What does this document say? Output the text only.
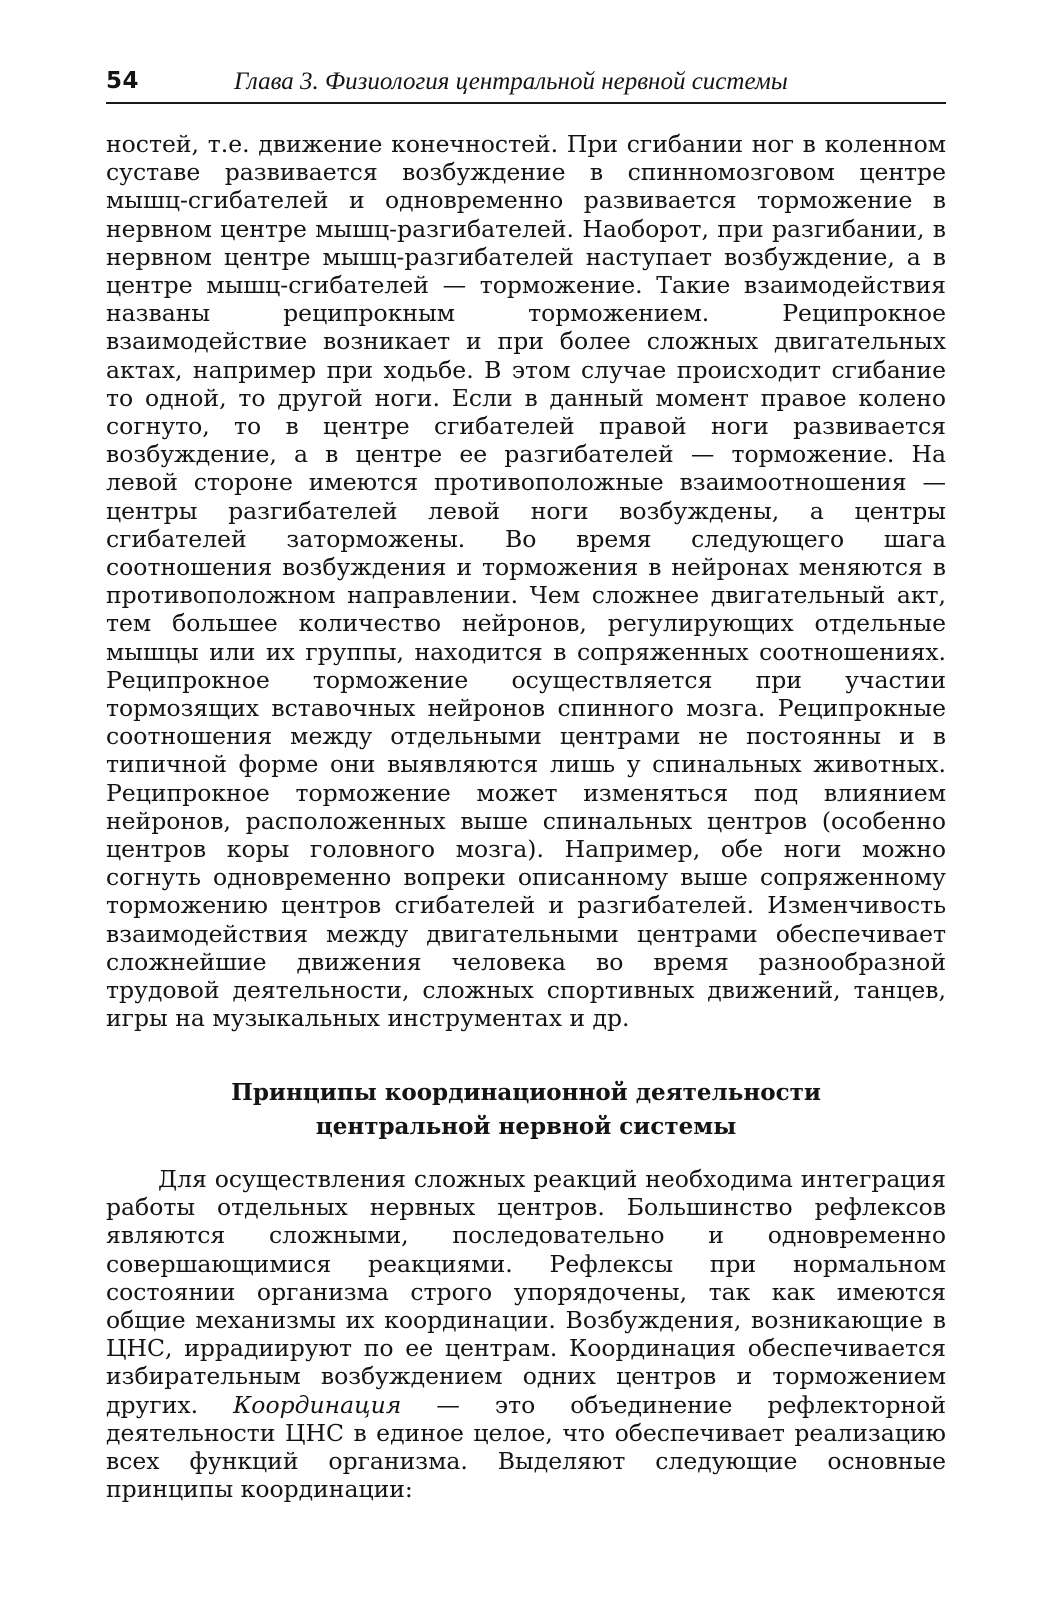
54	Глава 3. Физиология центральной нервной системы

ностей, т.е. движение конечностей. При сгибании ног в коленном суставе развивается возбуждение в спинномозговом центре мышц-сгибателей и одновременно развивается торможение в нервном центре мышц-разгибателей. Наоборот, при разгибании, в нервном центре мышц-разгибателей наступает возбуждение, а в центре мышц-сгибателей — торможение. Такие взаимодействия названы реципрокным торможением. Реципрокное взаимодействие возникает и при более сложных двигательных актах, например при ходьбе. В этом случае происходит сгибание то одной, то другой ноги. Если в данный момент правое колено согнуто, то в центре сгибателей правой ноги развивается возбуждение, а в центре ее разгибателей — торможение. На левой стороне имеются противоположные взаимоотношения — центры разгибателей левой ноги возбуждены, а центры сгибателей заторможены. Во время следующего шага соотношения возбуждения и торможения в нейронах меняются в противоположном направлении. Чем сложнее двигательный акт, тем большее количество нейронов, регулирующих отдельные мышцы или их группы, находится в сопряженных соотношениях. Реципрокное торможение осуществляется при участии тормозящих вставочных нейронов спинного мозга. Реципрокные соотношения между отдельными центрами не постоянны и в типичной форме они выявляются лишь у спинальных животных. Реципрокное торможение может изменяться под влиянием нейронов, расположенных выше спинальных центров (особенно центров коры головного мозга). Например, обе ноги можно согнуть одновременно вопреки описанному выше сопряженному торможению центров сгибателей и разгибателей. Изменчивость взаимодействия между двигательными центрами обеспечивает сложнейшие движения человека во время разнообразной трудовой деятельности, сложных спортивных движений, танцев, игры на музыкальных инструментах и др.

Принципы координационной деятельности
центральной нервной системы

Для осуществления сложных реакций необходима интеграция работы отдельных нервных центров. Большинство рефлексов являются сложными, последовательно и одновременно совершающимися реакциями. Рефлексы при нормальном состоянии организма строго упорядочены, так как имеются общие механизмы их координации. Возбуждения, возникающие в ЦНС, иррадиируют по ее центрам. Координация обеспечивается избирательным возбуждением одних центров и торможением других. Координация — это объединение рефлекторной деятельности ЦНС в единое целое, что обеспечивает реализацию всех функций организма. Выделяют следующие основные принципы координации:
